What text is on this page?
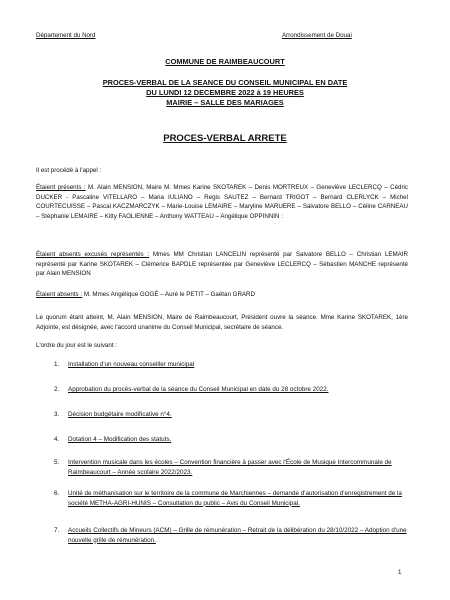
Département du Nord	Arrondissement de Douai
COMMUNE DE RAIMBEAUCOURT
PROCES-VERBAL DE LA SEANCE DU CONSEIL MUNICIPAL EN DATE
DU LUNDI 12 DECEMBRE 2022 à 19 HEURES
MAIRIE – SALLE DES MARIAGES
PROCES-VERBAL ARRETE
Il est procédé à l'appel :
Étaient présents : M. Alain MENSION, Maire M. Mmes Karine SKOTAREK – Denis MORTREUX – Geneviève LECLERCQ – Cédric DUCKER - Pascaline VITELLARO – Maria IULIANO – Regis SAUTEZ – Bernard TRIGOT – Bernard CLERLYCK – Michel COURTECUISSE – Pascal KACZMARCZYK – Marie-Louise LEMAIRE – Maryline MARUERE – Salvatore BELLO – Céline CARNEAU – Stéphanie LEMAIRE – Kitty FAOLIENNE – Anthony WATTEAU – Angélique OPPINNIN :
Étaient absents excusés représentés : Mmes MM Christian LANCELIN représenté par Salvatore BELLO – Christian LEMAIR représenté par Karine SKOTAREK – Clémence BAPDLE représentée par Geneviève LECLERCQ – Sébastien MANCHE représenté par Alain MENSION
Étaient absents : M. Mmes Angélique GOGÉ – Auré le PETIT – Gaëtan GRARD
Le quorum étant atteint, M. Alain MENSION, Maire de Raimbeaucourt, Président ouvre la séance. Mme Karine SKOTAREK, 1ère Adjointe, est désignée, avec l'accord unanime du Conseil Municipal, secrétaire de séance.
L'ordre du jour est le suivant :
1. Installation d'un nouveau conseiller municipal
2. Approbation du procès-verbal de la séance du Conseil Municipal en date du 28 octobre 2022.
3. Décision budgétaire modificative n°4.
4. Dotation 4 – Modification des statuts.
5. Intervention musicale dans les écoles – Convention financière à passer avec l'École de Musique Intercommunale de Raimbeaucourt – Année scolaire 2022/2023.
6. Unité de méthanisation sur le territoire de la commune de Marchiennes – demande d'autorisation d'enregistrement de la société METHA-AGRI-HUNIS – Consultation du public – Avis du Conseil Municipal.
7. Accueils Collectifs de Mineurs (ACM) – Grille de rémunération – Retrait de la délibération du 28/10/2022 – Adoption d'une nouvelle grille de rémunération.
1
